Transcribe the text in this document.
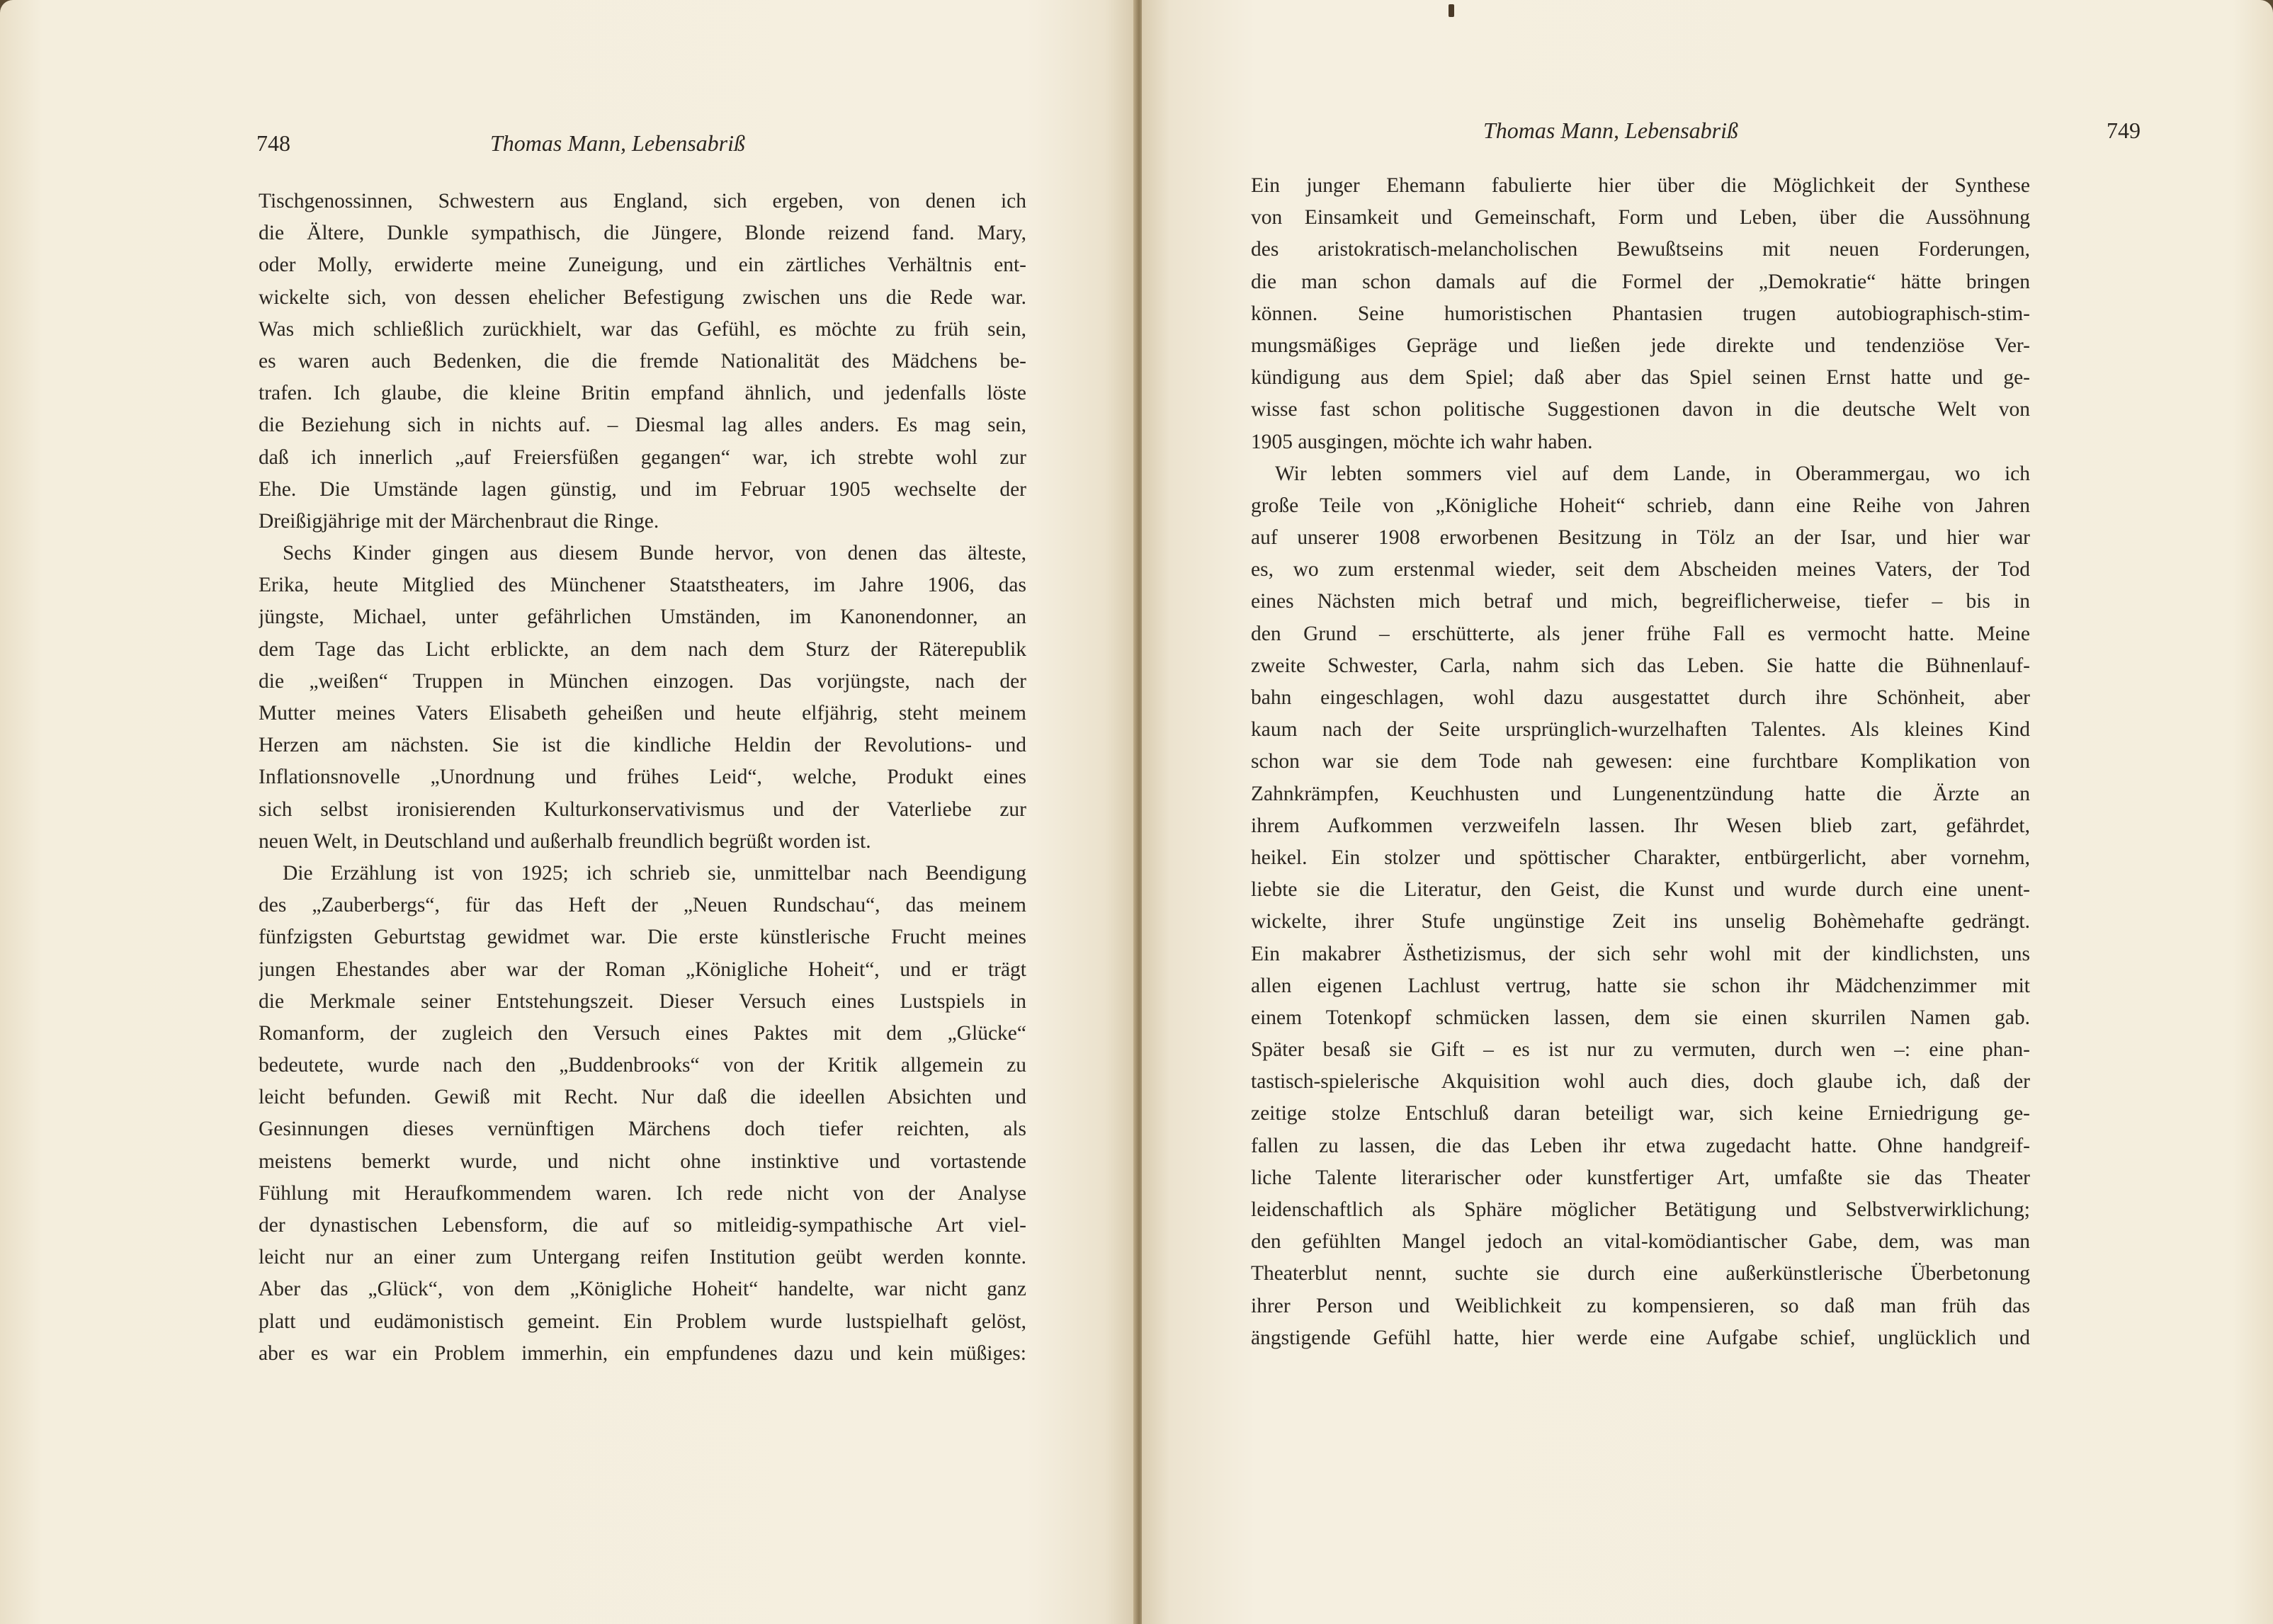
748	Thomas Mann, Lebensabriß
Tischgenossinnen, Schwestern aus England, sich ergeben, von denen ich
die Ältere, Dunkle sympathisch, die Jüngere, Blonde reizend fand. Mary,
oder Molly, erwiderte meine Zuneigung, und ein zärtliches Verhältnis ent-
wickelte sich, von dessen ehelicher Befestigung zwischen uns die Rede war.
Was mich schließlich zurückhielt, war das Gefühl, es möchte zu früh sein,
es waren auch Bedenken, die die fremde Nationalität des Mädchens be-
trafen. Ich glaube, die kleine Britin empfand ähnlich, und jedenfalls löste
die Beziehung sich in nichts auf. – Diesmal lag alles anders. Es mag sein,
daß ich innerlich „auf Freiersfüßen gegangen“ war, ich strebte wohl zur
Ehe. Die Umstände lagen günstig, und im Februar 1905 wechselte der
Dreißigjährige mit der Märchenbraut die Ringe.
Sechs Kinder gingen aus diesem Bunde hervor, von denen das älteste,
Erika, heute Mitglied des Münchener Staatstheaters, im Jahre 1906, das
jüngste, Michael, unter gefährlichen Umständen, im Kanonendonner, an
dem Tage das Licht erblickte, an dem nach dem Sturz der Räterepublik
die „weißen“ Truppen in München einzogen. Das vorjüngste, nach der
Mutter meines Vaters Elisabeth geheißen und heute elfjährig, steht meinem
Herzen am nächsten. Sie ist die kindliche Heldin der Revolutions- und
Inflationsnovelle „Unordnung und frühes Leid“, welche, Produkt eines
sich selbst ironisierenden Kulturkonservativismus und der Vaterliebe zur
neuen Welt, in Deutschland und außerhalb freundlich begrüßt worden ist.
Die Erzählung ist von 1925; ich schrieb sie, unmittelbar nach Beendigung
des „Zauberbergs“, für das Heft der „Neuen Rundschau“, das meinem
fünfzigsten Geburtstag gewidmet war. Die erste künstlerische Frucht meines
jungen Ehestandes aber war der Roman „Königliche Hoheit“, und er trägt
die Merkmale seiner Entstehungszeit. Dieser Versuch eines Lustspiels in
Romanform, der zugleich den Versuch eines Paktes mit dem „Glücke“
bedeutete, wurde nach den „Buddenbrooks“ von der Kritik allgemein zu
leicht befunden. Gewiß mit Recht. Nur daß die ideellen Absichten und
Gesinnungen dieses vernünftigen Märchens doch tiefer reichten, als
meistens bemerkt wurde, und nicht ohne instinktive und vortastende
Fühlung mit Heraufkommendem waren. Ich rede nicht von der Analyse
der dynastischen Lebensform, die auf so mitleidig-sympathische Art viel-
leicht nur an einer zum Untergang reifen Institution geübt werden konnte.
Aber das „Glück“, von dem „Königliche Hoheit“ handelte, war nicht ganz
platt und eudämonistisch gemeint. Ein Problem wurde lustspielhaft gelöst,
aber es war ein Problem immerhin, ein empfundenes dazu und kein müßiges:
Thomas Mann, Lebensabriß	749
Ein junger Ehemann fabulierte hier über die Möglichkeit der Synthese
von Einsamkeit und Gemeinschaft, Form und Leben, über die Aussöhnung
des aristokratisch-melancholischen Bewußtseins mit neuen Forderungen,
die man schon damals auf die Formel der „Demokratie“ hätte bringen
können. Seine humoristischen Phantasien trugen autobiographisch-stim-
mungsmäßiges Gepräge und ließen jede direkte und tendenziöse Ver-
kündigung aus dem Spiel; daß aber das Spiel seinen Ernst hatte und ge-
wisse fast schon politische Suggestionen davon in die deutsche Welt von
1905 ausgingen, möchte ich wahr haben.
Wir lebten sommers viel auf dem Lande, in Oberammergau, wo ich
große Teile von „Königliche Hoheit“ schrieb, dann eine Reihe von Jahren
auf unserer 1908 erworbenen Besitzung in Tölz an der Isar, und hier war
es, wo zum erstenmal wieder, seit dem Abscheiden meines Vaters, der Tod
eines Nächsten mich betraf und mich, begreiflicherweise, tiefer – bis in
den Grund – erschütterte, als jener frühe Fall es vermocht hatte. Meine
zweite Schwester, Carla, nahm sich das Leben. Sie hatte die Bühnenlauf-
bahn eingeschlagen, wohl dazu ausgestattet durch ihre Schönheit, aber
kaum nach der Seite ursprünglich-wurzelhaften Talentes. Als kleines Kind
schon war sie dem Tode nah gewesen: eine furchtbare Komplikation von
Zahnkrämpfen, Keuchhusten und Lungenentzündung hatte die Ärzte an
ihrem Aufkommen verzweifeln lassen. Ihr Wesen blieb zart, gefährdet,
heikel. Ein stolzer und spöttischer Charakter, entbürgerlicht, aber vornehm,
liebte sie die Literatur, den Geist, die Kunst und wurde durch eine unent-
wickelte, ihrer Stufe ungünstige Zeit ins unselig Bohèmehafte gedrängt.
Ein makabrer Ästhetizismus, der sich sehr wohl mit der kindlichsten, uns
allen eigenen Lachlust vertrug, hatte sie schon ihr Mädchenzimmer mit
einem Totenkopf schmücken lassen, dem sie einen skurrilen Namen gab.
Später besaß sie Gift – es ist nur zu vermuten, durch wen –: eine phan-
tastisch-spielerische Akquisition wohl auch dies, doch glaube ich, daß der
zeitige stolze Entschluß daran beteiligt war, sich keine Erniedrigung ge-
fallen zu lassen, die das Leben ihr etwa zugedacht hatte. Ohne handgreif-
liche Talente literarischer oder kunstfertiger Art, umfaßte sie das Theater
leidenschaftlich als Sphäre möglicher Betätigung und Selbstverwirklichung;
den gefühlten Mangel jedoch an vital-komödiantischer Gabe, dem, was man
Theaterblut nennt, suchte sie durch eine außerkünstlerische Überbetonung
ihrer Person und Weiblichkeit zu kompensieren, so daß man früh das
ängstigende Gefühl hatte, hier werde eine Aufgabe schief, unglücklich und
